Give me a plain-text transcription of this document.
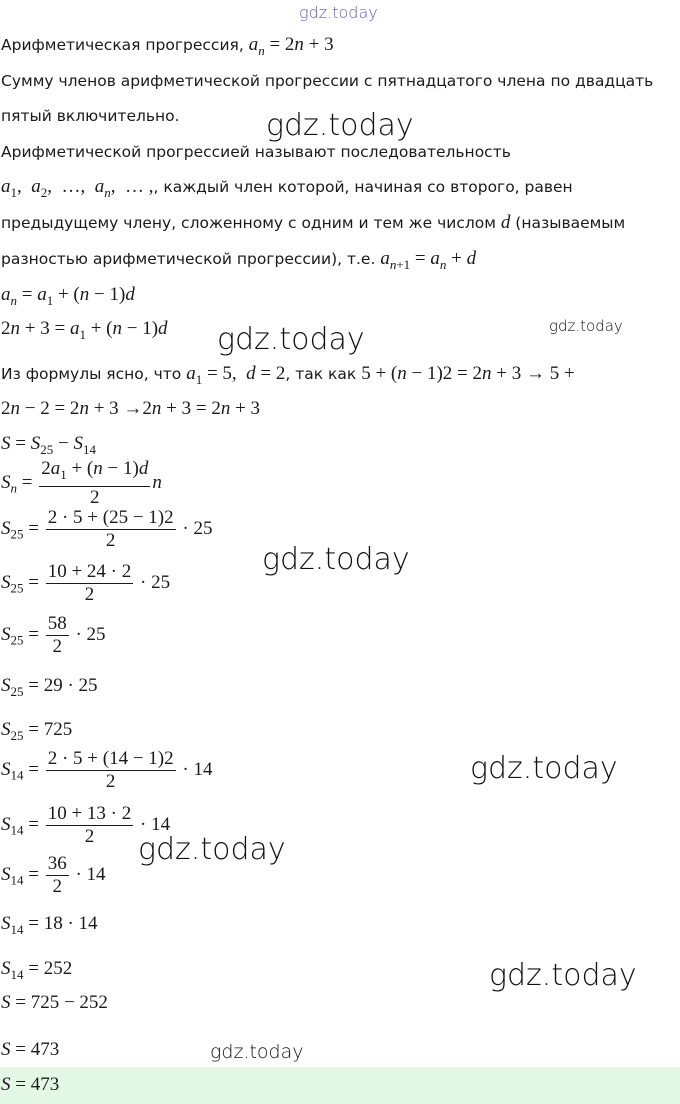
gdz.today
gdz.today
gdz.today
gdz.today
gdz.today
gdz.today
gdz.today
gdz.today
gdz.today
Арифметическая прогрессия, $a_n = 2n + 3$
Сумму членов арифметической прогрессии с пятнадцатого члена по двадцать
пятый включительно.
Арифметической прогрессией называют последовательность
$a_1$,  $a_2$,  …,  $a_n$,  … ,, каждый член которой, начиная со второго, равен
предыдущему члену, сложенному с одним и тем же числом d (называемым
разностью арифметической прогрессии), т.е. $a_{n+1} = a_n + d$
$a_n = a_1 + (n - 1)d$
$2n + 3 = a_1 + (n - 1)d$
Из формулы ясно, что $a_1 = 5$,  d = 2, так как 5 + (n − 1)2 = 2n + 3 → 5 +
2n − 2 = 2n + 3 →2n + 3 = 2n + 3
$S = S_{25} - S_{14}$
$S_n = \frac{2a_1 + (n - 1)d}{2}$ n
$S_{25} = \frac{2 \cdot 5 + (25 - 1)2}{2} \cdot 25$
$S_{25} = \frac{10 + 24 \cdot 2}{2} \cdot 25$
$S_{25} = \frac{58}{2} \cdot 25$
$S_{25} = 29 \cdot 25$
$S_{25} = 725$
$S_{14} = \frac{2 \cdot 5 + (14 - 1)2}{2} \cdot 14$
$S_{14} = \frac{10 + 13 \cdot 2}{2} \cdot 14$
$S_{14} = \frac{36}{2} \cdot 14$
$S_{14} = 18 \cdot 14$
$S_{14} = 252$
S = 725 − 252
S = 473
S = 473
